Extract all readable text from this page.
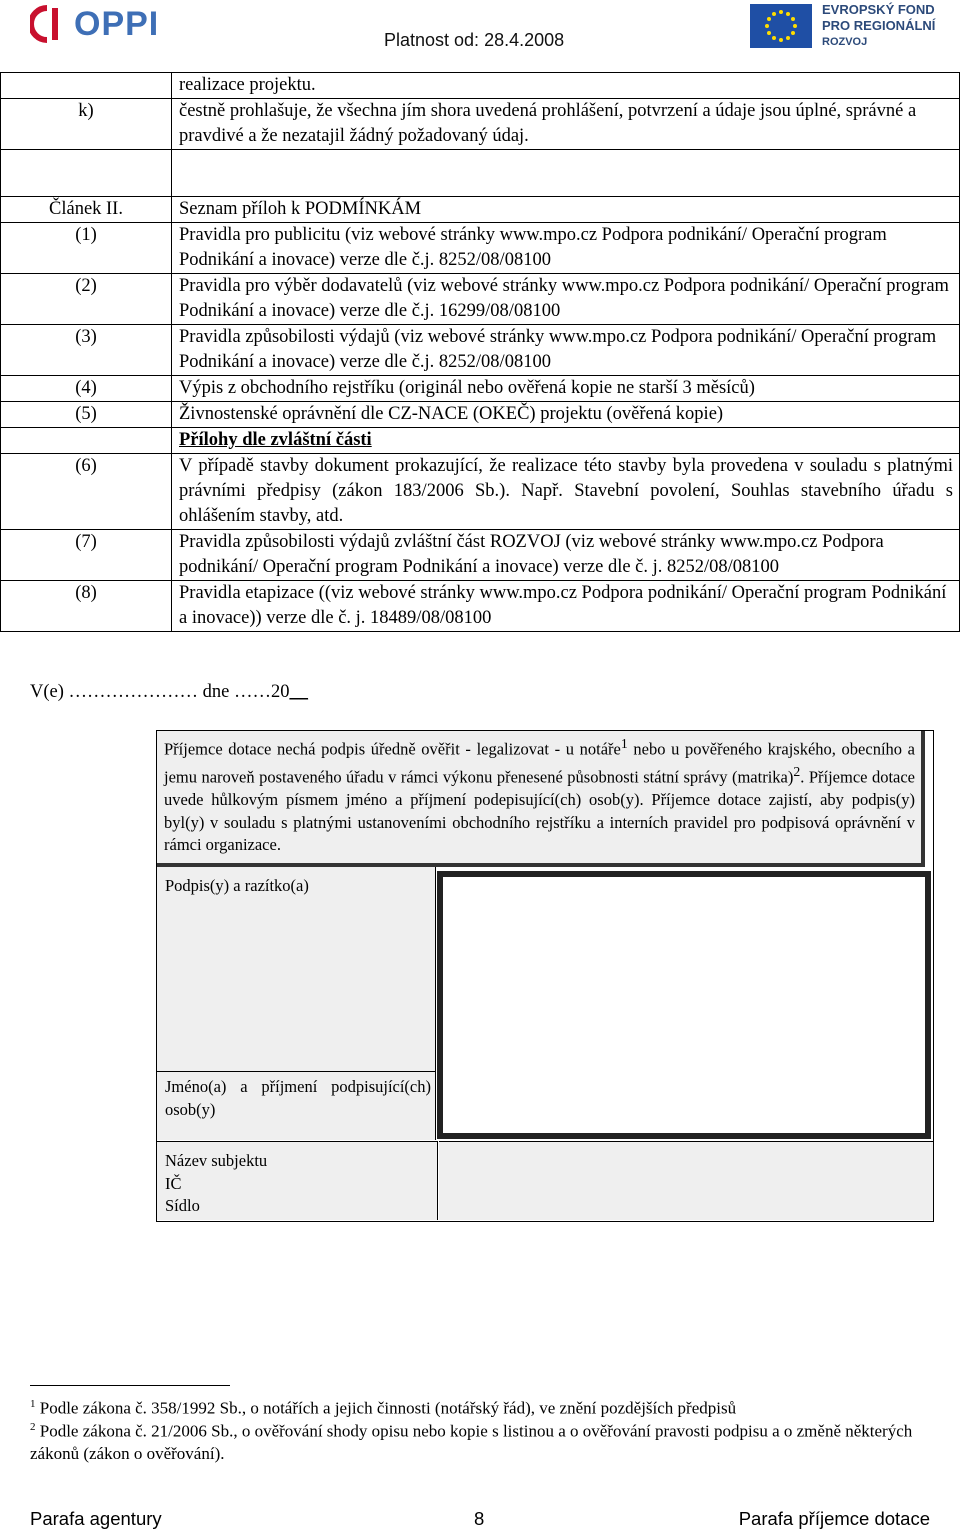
OPPI	Platnost od: 28.4.2008
EVROPSKÝ FOND
PRO REGIONÁLNÍ
ROZVOJ
	realizace projektu.
k)	čestně prohlašuje, že všechna jím shora uvedená prohlášení, potvrzení a údaje jsou úplné, správné a pravdivé a že nezatajil žádný požadovaný údaj.

Článek II.	Seznam příloh k PODMÍNKÁM
(1)	Pravidla pro publicitu (viz webové stránky www.mpo.cz Podpora podnikání/ Operační program Podnikání a inovace) verze dle č.j. 8252/08/08100
(2)	Pravidla pro výběr dodavatelů (viz webové stránky www.mpo.cz Podpora podnikání/ Operační program Podnikání a inovace) verze dle č.j. 16299/08/08100
(3)	Pravidla způsobilosti výdajů (viz webové stránky www.mpo.cz Podpora podnikání/ Operační program Podnikání a inovace) verze dle č.j. 8252/08/08100
(4)	Výpis z obchodního rejstříku (originál nebo ověřená kopie ne starší 3 měsíců)
(5)	Živnostenské oprávnění dle CZ-NACE (OKEČ) projektu (ověřená kopie)
	Přílohy dle zvláštní části
(6)	V případě stavby dokument prokazující, že realizace této stavby byla provedena v souladu s platnými právními předpisy (zákon 183/2006 Sb.). Např. Stavební povolení, Souhlas stavebního úřadu s ohlášením stavby, atd.
(7)	Pravidla způsobilosti výdajů zvláštní část ROZVOJ (viz webové stránky www.mpo.cz Podpora podnikání/ Operační program Podnikání a inovace) verze dle č. j. 8252/08/08100
(8)	Pravidla etapizace ((viz webové stránky www.mpo.cz Podpora podnikání/ Operační program Podnikání a inovace)) verze dle č. j. 18489/08/08100
V(e) ………………… dne ……20__
Příjemce dotace nechá podpis úředně ověřit - legalizovat - u notáře$^1$ nebo u pověřeného krajského, obecního a jemu naroveň postaveného úřadu v rámci výkonu přenesené působnosti státní správy (matrika)$^2$. Příjemce dotace uvede hůlkovým písmem jméno a příjmení podepisující(ch) osob(y). Příjemce dotace zajistí, aby podpis(y) byl(y) v souladu s platnými ustanoveními obchodního rejstříku a interních pravidel pro podpisová oprávnění v rámci organizace.
Podpis(y) a razítko(a)
Jméno(a) a příjmení podpisující(ch) osob(y)
Název subjektu
IČ
Sídlo
$^1$ Podle zákona č. 358/1992 Sb., o notářích a jejich činnosti (notářský řád), ve znění pozdějších předpisů
$^2$ Podle zákona č. 21/2006 Sb., o ověřování shody opisu nebo kopie s listinou a o ověřování pravosti podpisu a o změně některých zákonů (zákon o ověřování).
Parafa agentury	8	Parafa příjemce dotace
